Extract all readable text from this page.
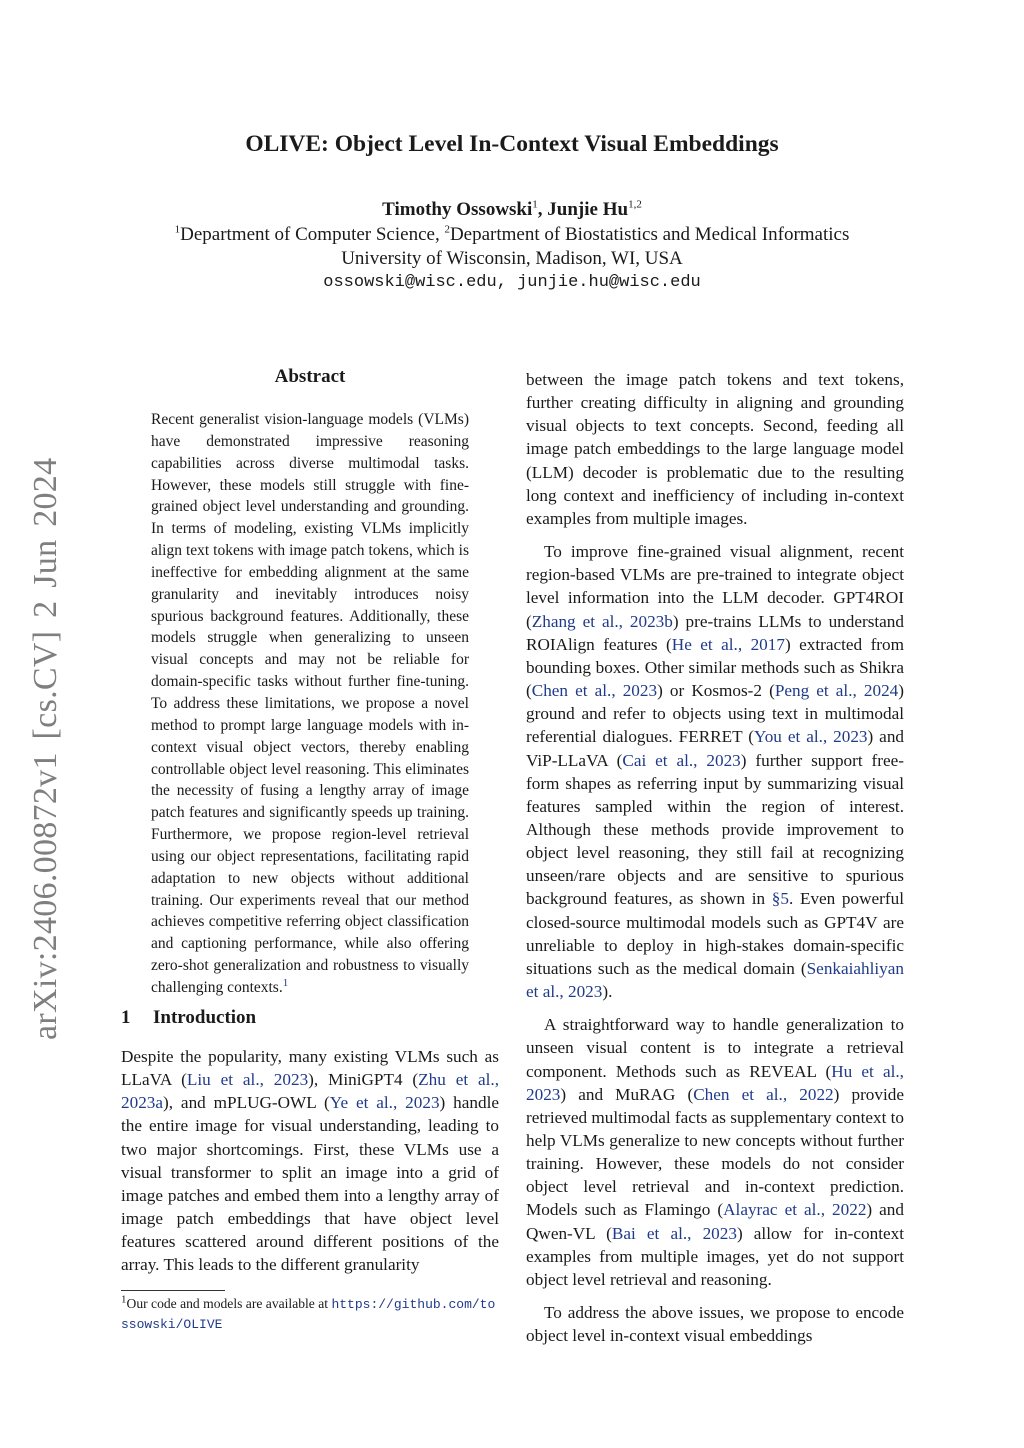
arXiv:2406.00872v1 [cs.CV] 2 Jun 2024
OLIVE: Object Level In-Context Visual Embeddings
Timothy Ossowski$^1$, Junjie Hu$^{1,2}$
$^1$Department of Computer Science, $^2$Department of Biostatistics and Medical Informatics
University of Wisconsin, Madison, WI, USA
ossowski@wisc.edu, junjie.hu@wisc.edu
Abstract

Recent generalist vision-language models (VLMs) have demonstrated impressive reasoning capabilities across diverse multimodal tasks. However, these models still struggle with fine-grained object level understanding and grounding. In terms of modeling, existing VLMs implicitly align text tokens with image patch tokens, which is ineffective for embedding alignment at the same granularity and inevitably introduces noisy spurious background features. Additionally, these models struggle when generalizing to unseen visual concepts and may not be reliable for domain-specific tasks without further fine-tuning. To address these limitations, we propose a novel method to prompt large language models with in-context visual object vectors, thereby enabling controllable object level reasoning. This eliminates the necessity of fusing a lengthy array of image patch features and significantly speeds up training. Furthermore, we propose region-level retrieval using our object representations, facilitating rapid adaptation to new objects without additional training. Our experiments reveal that our method achieves competitive referring object classification and captioning performance, while also offering zero-shot generalization and robustness to visually challenging contexts.$^1$

1 Introduction

Despite the popularity, many existing VLMs such as LLaVA (Liu et al., 2023), MiniGPT4 (Zhu et al., 2023a), and mPLUG-OWL (Ye et al., 2023) handle the entire image for visual understanding, leading to two major shortcomings. First, these VLMs use a visual transformer to split an image into a grid of image patches and embed them into a lengthy array of image patch embeddings that have object level features scattered around different positions of the array. This leads to the different granularity

$^1$Our code and models are available at https://github.com/tossowski/OLIVE

between the image patch tokens and text tokens, further creating difficulty in aligning and grounding visual objects to text concepts. Second, feeding all image patch embeddings to the large language model (LLM) decoder is problematic due to the resulting long context and inefficiency of including in-context examples from multiple images.

To improve fine-grained visual alignment, recent region-based VLMs are pre-trained to integrate object level information into the LLM decoder. GPT4ROI (Zhang et al., 2023b) pre-trains LLMs to understand ROIAlign features (He et al., 2017) extracted from bounding boxes. Other similar methods such as Shikra (Chen et al., 2023) or Kosmos-2 (Peng et al., 2024) ground and refer to objects using text in multimodal referential dialogues. FERRET (You et al., 2023) and ViP-LLaVA (Cai et al., 2023) further support free-form shapes as referring input by summarizing visual features sampled within the region of interest. Although these methods provide improvement to object level reasoning, they still fail at recognizing unseen/rare objects and are sensitive to spurious background features, as shown in §5. Even powerful closed-source multimodal models such as GPT4V are unreliable to deploy in high-stakes domain-specific situations such as the medical domain (Senkaiahliyan et al., 2023).

A straightforward way to handle generalization to unseen visual content is to integrate a retrieval component. Methods such as REVEAL (Hu et al., 2023) and MuRAG (Chen et al., 2022) provide retrieved multimodal facts as supplementary context to help VLMs generalize to new concepts without further training. However, these models do not consider object level retrieval and in-context prediction. Models such as Flamingo (Alayrac et al., 2022) and Qwen-VL (Bai et al., 2023) allow for in-context examples from multiple images, yet do not support object level retrieval and reasoning.

To address the above issues, we propose to encode object level in-context visual embeddings
